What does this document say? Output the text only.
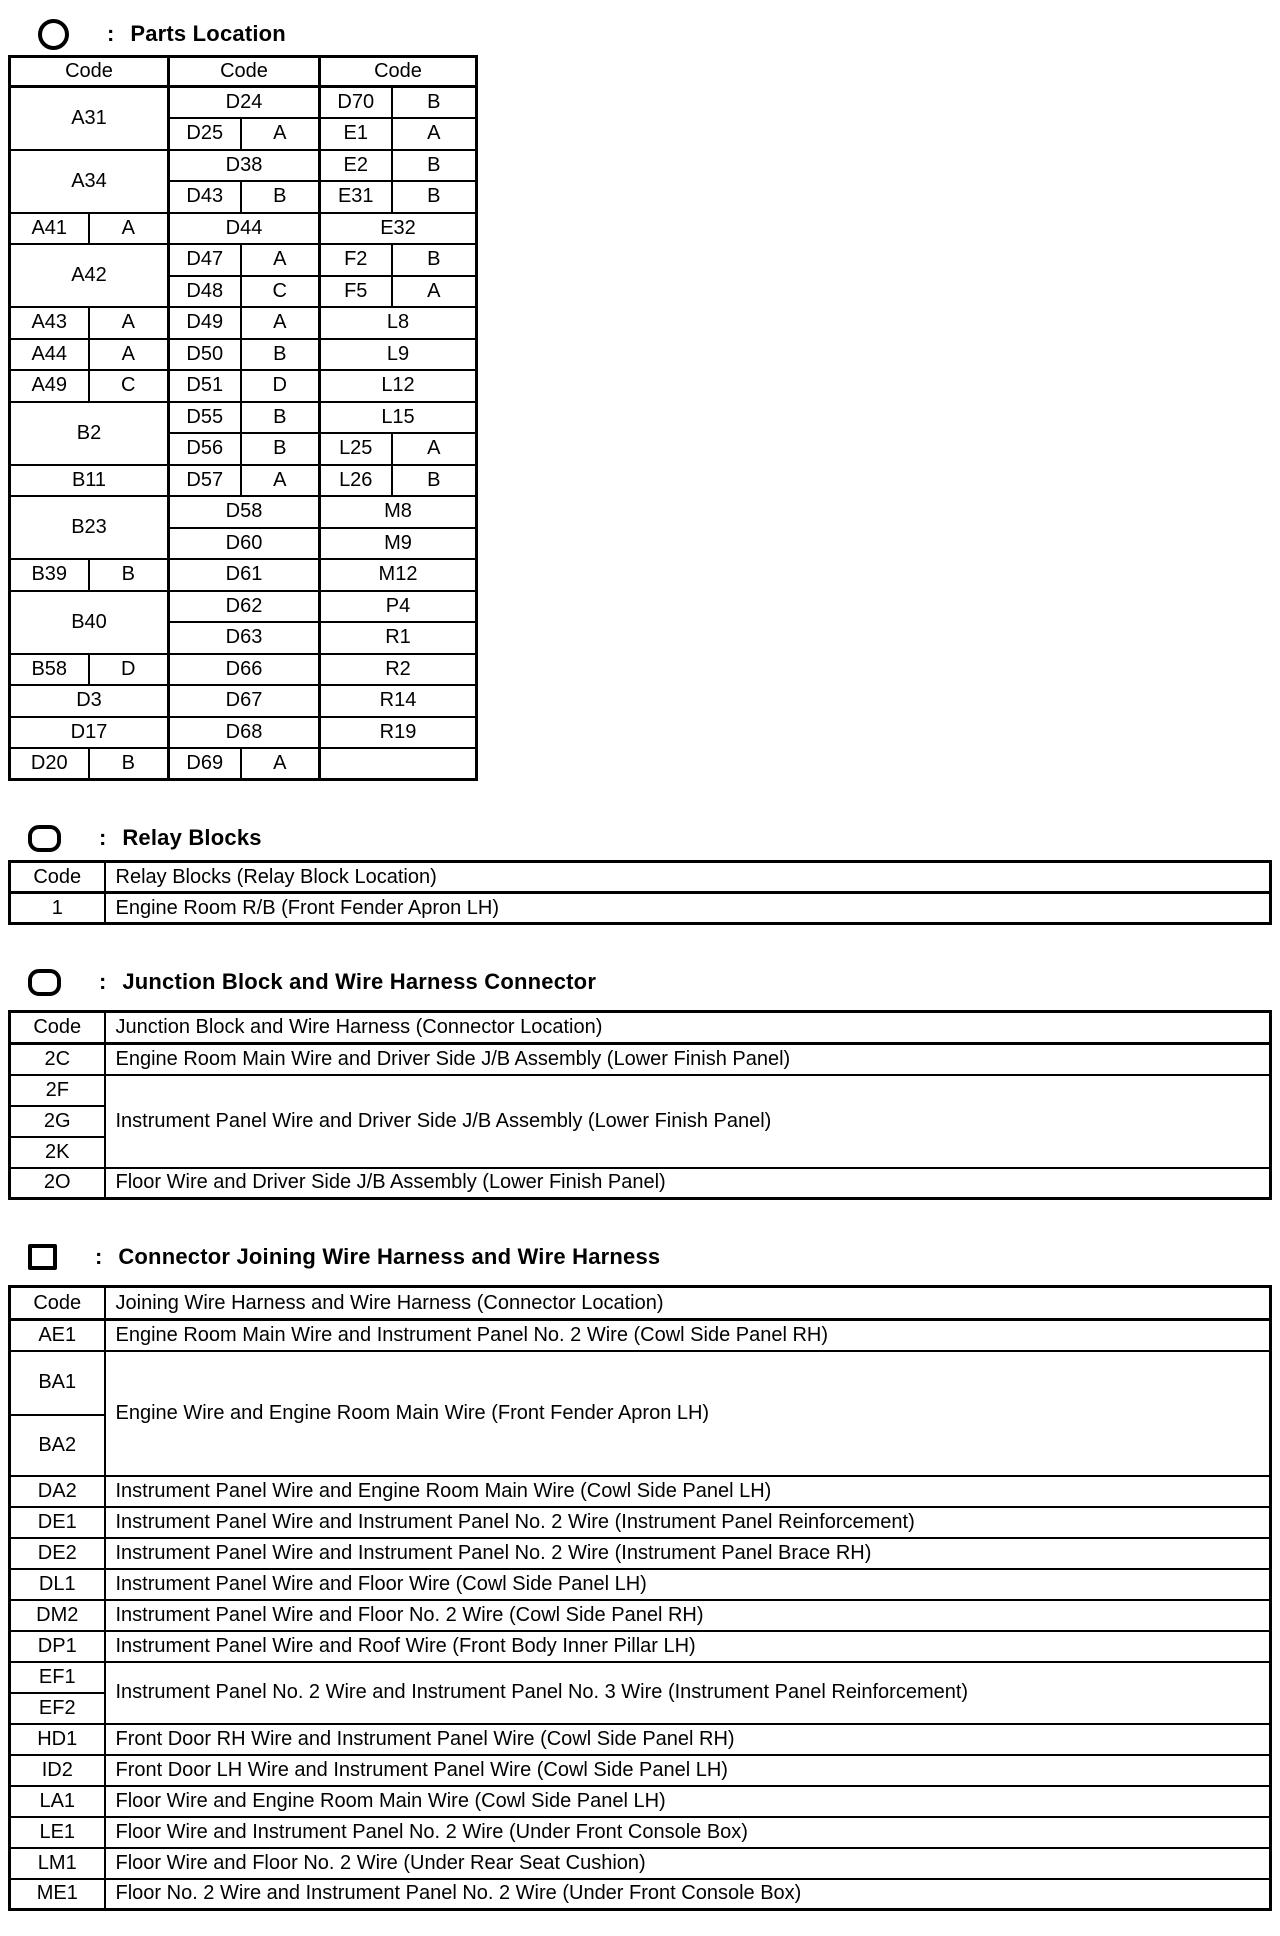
: Parts Location
Code		Code		Code	
A31		D24		D70	B
		D25	A	E1	A
A34		D38		E2	B
		D43	B	E31	B
A41	A	D44		E32	
A42		D47	A	F2	B
		D48	C	F5	A
A43	A	D49	A	L8	
A44	A	D50	B	L9	
A49	C	D51	D	L12	
B2		D55	B	L15	
		D56	B	L25	A
B11		D57	A	L26	B
B23		D58		M8	
		D60		M9	
B39	B	D61		M12	
B40		D62		P4	
		D63		R1	
B58	D	D66		R2	
D3		D67		R14	
D17		D68		R19	
D20	B	D69	A		
: Relay Blocks
Code	Relay Blocks (Relay Block Location)
1	Engine Room R/B (Front Fender Apron LH)
: Junction Block and Wire Harness Connector
Code	Junction Block and Wire Harness (Connector Location)
2C	Engine Room Main Wire and Driver Side J/B Assembly (Lower Finish Panel)
2F	Instrument Panel Wire and Driver Side J/B Assembly (Lower Finish Panel)
2G	
2K	
2O	Floor Wire and Driver Side J/B Assembly (Lower Finish Panel)
: Connector Joining Wire Harness and Wire Harness
Code	Joining Wire Harness and Wire Harness (Connector Location)
AE1	Engine Room Main Wire and Instrument Panel No. 2 Wire (Cowl Side Panel RH)
BA1	Engine Wire and Engine Room Main Wire (Front Fender Apron LH)
BA2	
DA2	Instrument Panel Wire and Engine Room Main Wire (Cowl Side Panel LH)
DE1	Instrument Panel Wire and Instrument Panel No. 2 Wire (Instrument Panel Reinforcement)
DE2	Instrument Panel Wire and Instrument Panel No. 2 Wire (Instrument Panel Brace RH)
DL1	Instrument Panel Wire and Floor Wire (Cowl Side Panel LH)
DM2	Instrument Panel Wire and Floor No. 2 Wire (Cowl Side Panel RH)
DP1	Instrument Panel Wire and Roof Wire (Front Body Inner Pillar LH)
EF1	Instrument Panel No. 2 Wire and Instrument Panel No. 3 Wire (Instrument Panel Reinforcement)
EF2	
HD1	Front Door RH Wire and Instrument Panel Wire (Cowl Side Panel RH)
ID2	Front Door LH Wire and Instrument Panel Wire (Cowl Side Panel LH)
LA1	Floor Wire and Engine Room Main Wire (Cowl Side Panel LH)
LE1	Floor Wire and Instrument Panel No. 2 Wire (Under Front Console Box)
LM1	Floor Wire and Floor No. 2 Wire (Under Rear Seat Cushion)
ME1	Floor No. 2 Wire and Instrument Panel No. 2 Wire (Under Front Console Box)
